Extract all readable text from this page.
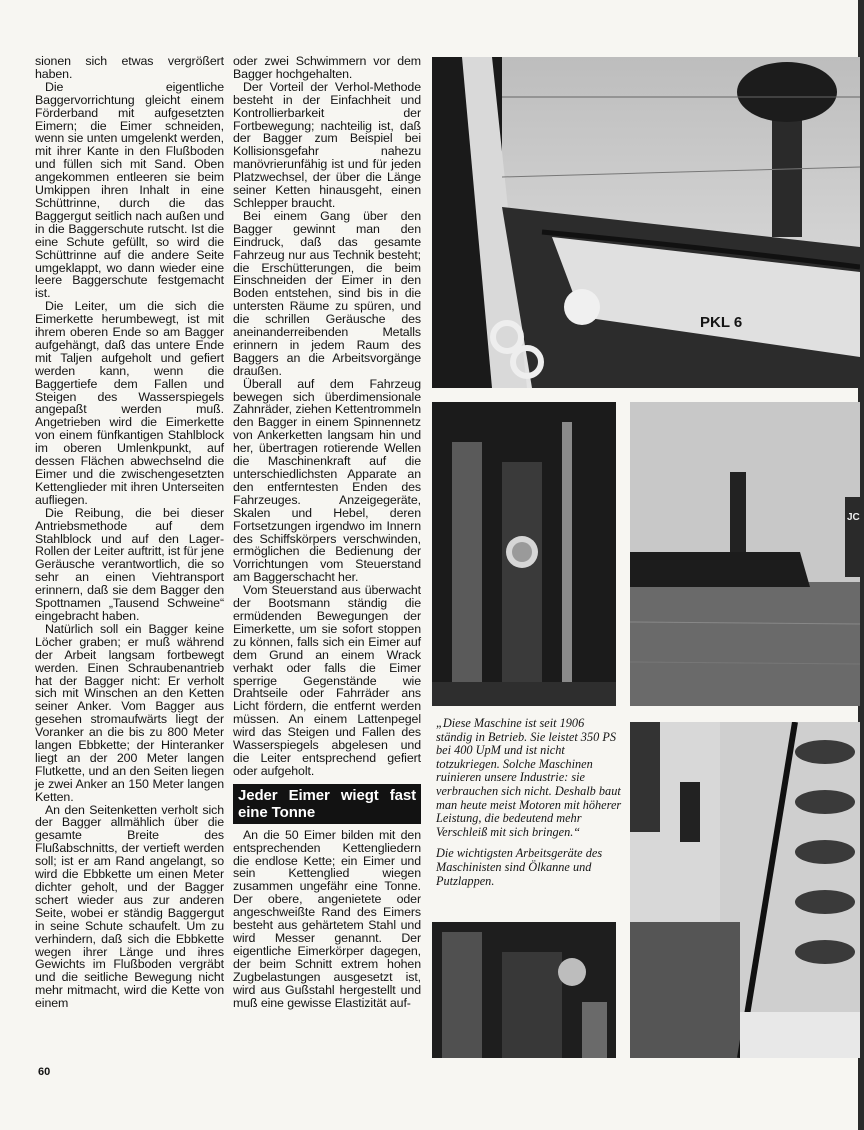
sionen sich etwas vergrößert haben.

Die eigentliche Baggervorrichtung gleicht einem Förderband mit aufgesetzten Eimern; die Eimer schneiden, wenn sie unten umgelenkt werden, mit ihrer Kante in den Flußboden und füllen sich mit Sand. Oben angekommen entleeren sie beim Umkippen ihren Inhalt in eine Schüttrinne, durch die das Baggergut seitlich nach außen und in die Baggerschute rutscht. Ist die eine Schute gefüllt, so wird die Schüttrinne auf die andere Seite umgeklappt, wo dann wieder eine leere Baggerschute festgemacht ist.

Die Leiter, um die sich die Eimerkette herumbewegt, ist mit ihrem oberen Ende so am Bagger aufgehängt, daß das untere Ende mit Taljen aufgeholt und gefiert werden kann, wenn die Baggertiefe dem Fallen und Steigen des Wasserspiegels angepaßt werden muß. Angetrieben wird die Eimerkette von einem fünfkantigen Stahlblock im oberen Umlenkpunkt, auf dessen Flächen abwechselnd die Eimer und die zwischengesetzten Kettenglieder mit ihren Unterseiten aufliegen.

Die Reibung, die bei dieser Antriebsmethode auf dem Stahlblock und auf den Lager-Rollen der Leiter auftritt, ist für jene Geräusche verantwortlich, die so sehr an einen Viehtransport erinnern, daß sie dem Bagger den Spottnamen „Tausend Schweine“ eingebracht haben.

Natürlich soll ein Bagger keine Löcher graben; er muß während der Arbeit langsam fortbewegt werden. Einen Schraubenantrieb hat der Bagger nicht: Er verholt sich mit Winschen an den Ketten seiner Anker. Vom Bagger aus gesehen stromaufwärts liegt der Voranker an die bis zu 800 Meter langen Ebbkette; der Hinteranker liegt an der 200 Meter langen Flutkette, und an den Seiten liegen je zwei Anker an 150 Meter langen Ketten.

An den Seitenketten verholt sich der Bagger allmählich über die gesamte Breite des Flußabschnitts, der vertieft werden soll; ist er am Rand angelangt, so wird die Ebbkette um einen Meter dichter geholt, und der Bagger schert wieder aus zur anderen Seite, wobei er ständig Baggergut in seine Schute schaufelt. Um zu verhindern, daß sich die Ebbkette wegen ihrer Länge und ihres Gewichts im Flußboden vergräbt und die seitliche Bewegung nicht mehr mitmacht, wird die Kette von einem

oder zwei Schwimmern vor dem Bagger hochgehalten.

Der Vorteil der Verhol-Methode besteht in der Einfachheit und Kontrollierbarkeit der Fortbewegung; nachteilig ist, daß der Bagger zum Beispiel bei Kollisionsgefahr nahezu manövrierunfähig ist und für jeden Platzwechsel, der über die Länge seiner Ketten hinausgeht, einen Schlepper braucht.

Bei einem Gang über den Bagger gewinnt man den Eindruck, daß das gesamte Fahrzeug nur aus Technik besteht; die Erschütterungen, die beim Einschneiden der Eimer in den Boden entstehen, sind bis in die untersten Räume zu spüren, und die schrillen Geräusche des aneinanderreibenden Metalls erinnern in jedem Raum des Baggers an die Arbeitsvorgänge draußen.

Überall auf dem Fahrzeug bewegen sich überdimensionale Zahnräder, ziehen Kettentrommeln den Bagger in einem Spinnennetz von Ankerketten langsam hin und her, übertragen rotierende Wellen die Maschinenkraft auf die unterschiedlichsten Apparate an den entferntesten Enden des Fahrzeuges. Anzeigegeräte, Skalen und Hebel, deren Fortsetzungen irgendwo im Innern des Schiffskörpers verschwinden, ermöglichen die Bedienung der Vorrichtungen vom Steuerstand am Baggerschacht her.

Vom Steuerstand aus überwacht der Bootsmann ständig die ermüdenden Bewegungen der Eimerkette, um sie sofort stoppen zu können, falls sich ein Eimer auf dem Grund an einem Wrack verhakt oder falls die Eimer sperrige Gegenstände wie Drahtseile oder Fahrräder ans Licht fördern, die entfernt werden müssen. An einem Lattenpegel wird das Steigen und Fallen des Wasserspiegels abgelesen und die Leiter entsprechend gefiert oder aufgeholt.

Jeder Eimer wiegt fast eine Tonne

An die 50 Eimer bilden mit den entsprechenden Kettengliedern die endlose Kette; ein Eimer und sein Kettenglied wiegen zusammen ungefähr eine Tonne. Der obere, angenietete oder angeschweißte Rand des Eimers besteht aus gehärtetem Stahl und wird Messer genannt. Der eigentliche Eimerkörper dagegen, der beim Schnitt extrem hohen Zugbelastungen ausgesetzt ist, wird aus Gußstahl hergestellt und muß eine gewisse Elastizität auf-

PKL 6
JC

„Diese Maschine ist seit 1906 ständig in Betrieb. Sie leistet 350 PS bei 400 UpM und ist nicht totzukriegen. Solche Maschinen ruinieren unsere Industrie: sie verbrauchen sich nicht. Deshalb baut man heute meist Motoren mit höherer Leistung, die bedeutend mehr Verschleiß mit sich bringen.“

Die wichtigsten Arbeitsgeräte des Maschinisten sind Ölkanne und Putzlappen.

60
